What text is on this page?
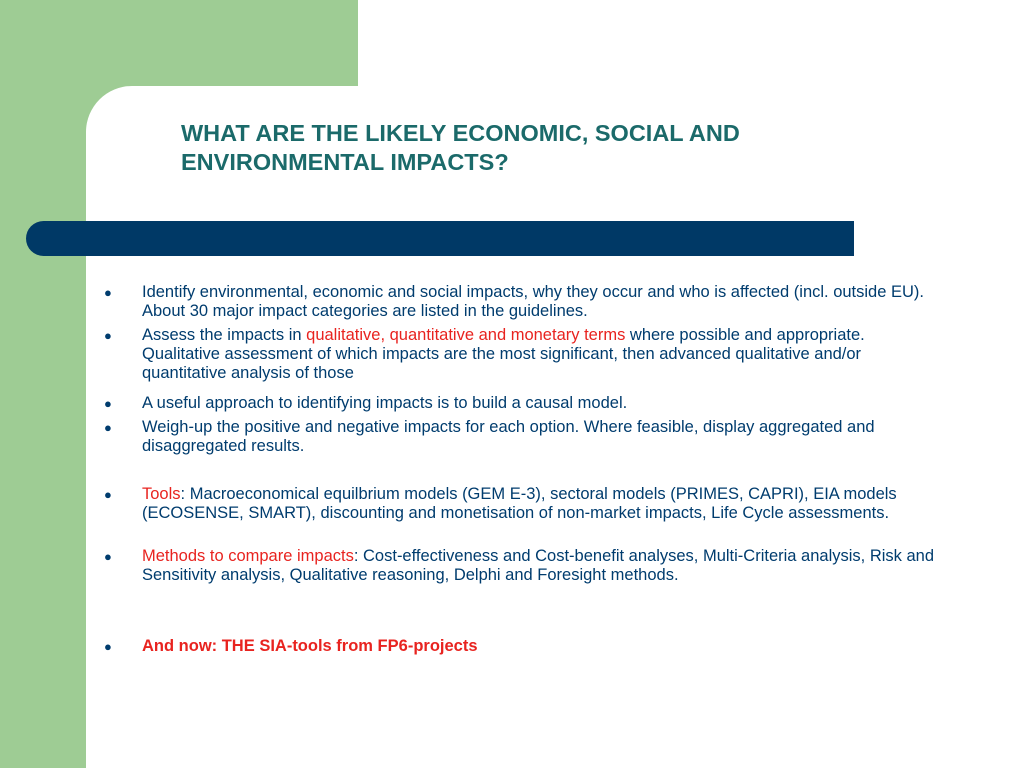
WHAT ARE THE LIKELY ECONOMIC, SOCIAL AND
ENVIRONMENTAL IMPACTS?
● Identify environmental, economic and social impacts, why they occur and who is affected (incl. outside EU). About 30 major impact categories are listed in the guidelines.
● Assess the impacts in qualitative, quantitative and monetary terms where possible and appropriate. Qualitative assessment of which impacts are the most significant, then advanced qualitative and/or quantitative analysis of those
● A useful approach to identifying impacts is to build a causal model.
● Weigh-up the positive and negative impacts for each option. Where feasible, display aggregated and disaggregated results.
● Tools: Macroeconomical equilbrium models (GEM E-3), sectoral models (PRIMES, CAPRI), EIA models (ECOSENSE, SMART), discounting and monetisation of non-market impacts, Life Cycle assessments.
● Methods to compare impacts: Cost-effectiveness and Cost-benefit analyses, Multi-Criteria analysis, Risk and Sensitivity analysis, Qualitative reasoning, Delphi and Foresight methods.
● And now: THE SIA-tools from FP6-projects
